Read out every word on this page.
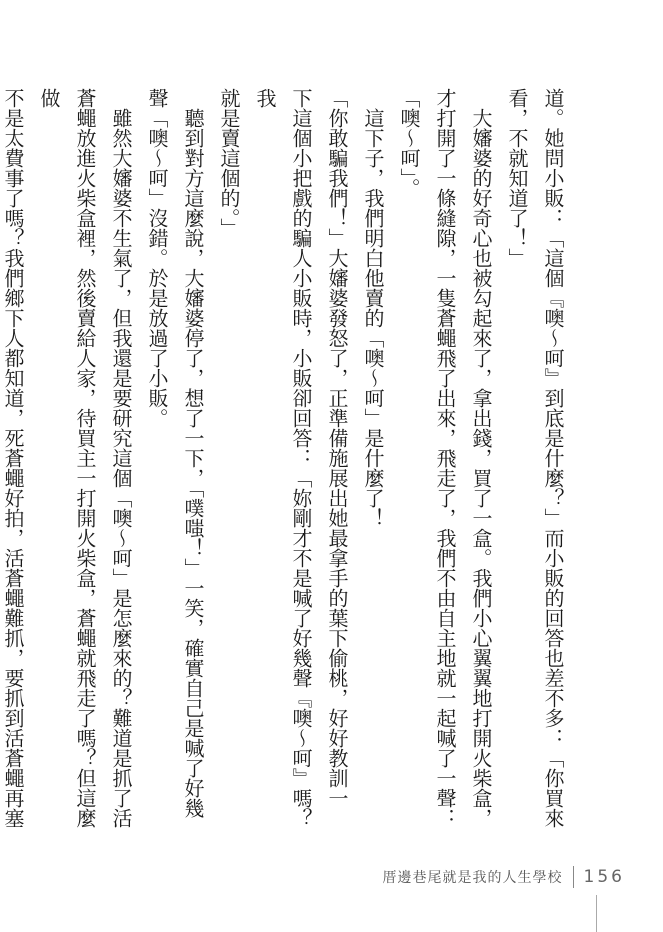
道。她問小販：「這個『噢～呵』到底是什麼？」而小販的回答也差不多：「你買來

看，不就知道了！」

大嬸婆的好奇心也被勾起來了，拿出錢，買了一盒。我們小心翼翼地打開火柴盒，

才打開了一條縫隙，一隻蒼蠅飛了出來，飛走了，我們不由自主地就一起喊了一聲：

「噢～呵」。

這下子，我們明白他賣的「噢～呵」是什麼了！

「你敢騙我們！」大嬸婆發怒了，正準備施展出她最拿手的葉下偷桃，好好教訓一

下這個小把戲的騙人小販時，小販卻回答：「妳剛才不是喊了好幾聲『噢～呵』嗎？我

就是賣這個的。」

聽到對方這麼說，大嬸婆停了，想了一下，「噗嗤！」一笑，確實自己是喊了好幾

聲「噢～呵」沒錯。於是放過了小販。

雖然大嬸婆不生氣了，但我還是要研究這個「噢～呵」是怎麼來的？難道是抓了活

蒼蠅放進火柴盒裡，然後賣給人家，待買主一打開火柴盒，蒼蠅就飛走了嗎？但這麼做

不是太費事了嗎？我們鄉下人都知道，死蒼蠅好拍，活蒼蠅難抓，要抓到活蒼蠅再塞

厝邊巷尾就是我的人生學校 156
